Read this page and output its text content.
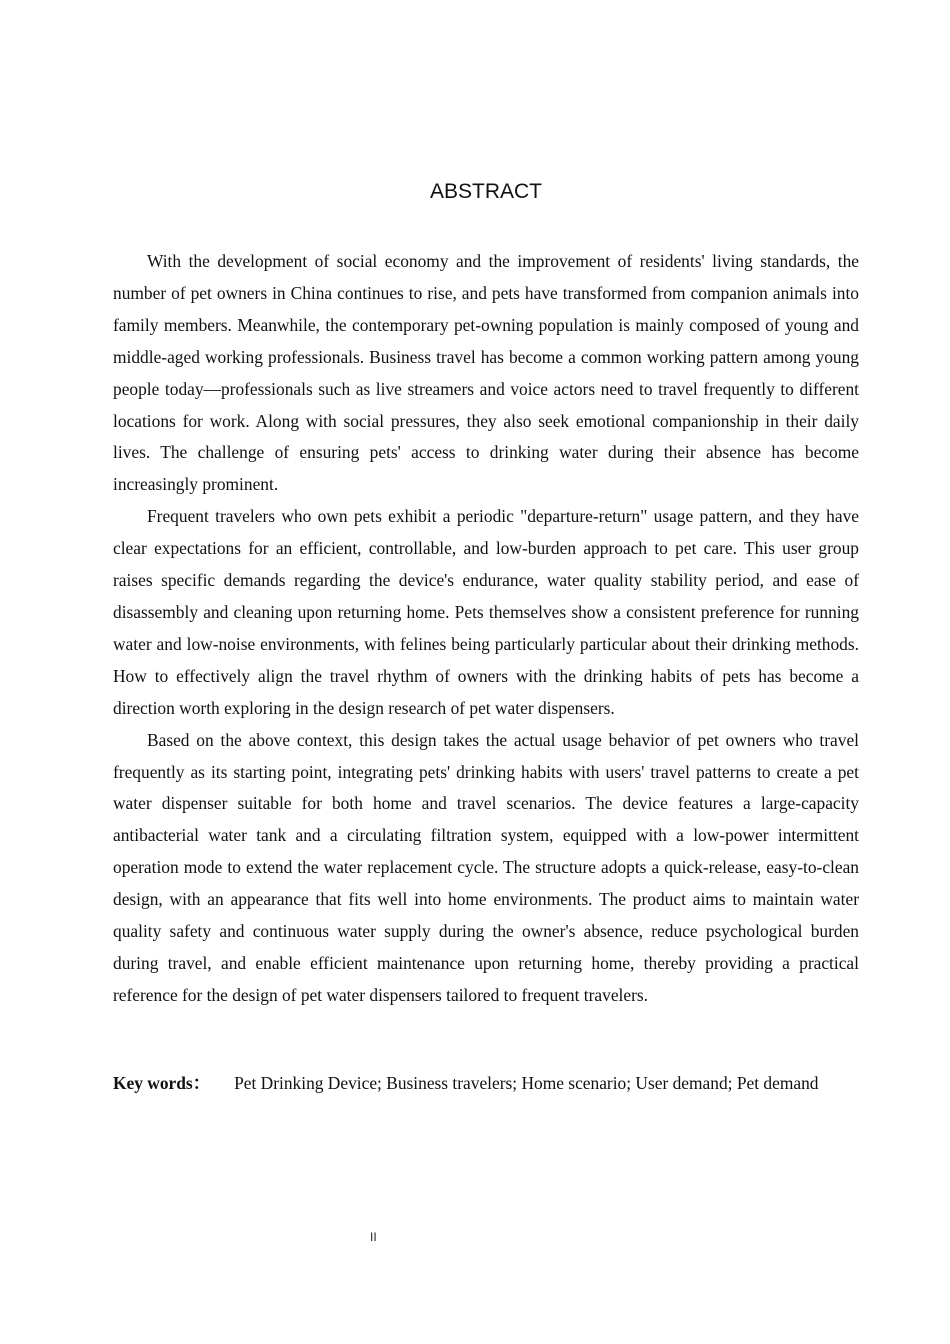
ABSTRACT

With the development of social economy and the improvement of residents' living standards, the number of pet owners in China continues to rise, and pets have transformed from companion animals into family members. Meanwhile, the contemporary pet-owning population is mainly composed of young and middle-aged working professionals. Business travel has become a common working pattern among young people today—professionals such as live streamers and voice actors need to travel frequently to different locations for work. Along with social pressures, they also seek emotional companionship in their daily lives. The challenge of ensuring pets' access to drinking water during their absence has become increasingly prominent.

Frequent travelers who own pets exhibit a periodic "departure-return" usage pattern, and they have clear expectations for an efficient, controllable, and low-burden approach to pet care. This user group raises specific demands regarding the device's endurance, water quality stability period, and ease of disassembly and cleaning upon returning home. Pets themselves show a consistent preference for running water and low-noise environments, with felines being particularly particular about their drinking methods. How to effectively align the travel rhythm of owners with the drinking habits of pets has become a direction worth exploring in the design research of pet water dispensers.

Based on the above context, this design takes the actual usage behavior of pet owners who travel frequently as its starting point, integrating pets' drinking habits with users' travel patterns to create a pet water dispenser suitable for both home and travel scenarios. The device features a large-capacity antibacterial water tank and a circulating filtration system, equipped with a low-power intermittent operation mode to extend the water replacement cycle. The structure adopts a quick-release, easy-to-clean design, with an appearance that fits well into home environments. The product aims to maintain water quality safety and continuous water supply during the owner's absence, reduce psychological burden during travel, and enable efficient maintenance upon returning home, thereby providing a practical reference for the design of pet water dispensers tailored to frequent travelers.

Key words： Pet Drinking Device; Business travelers; Home scenario; User demand; Pet demand
II
